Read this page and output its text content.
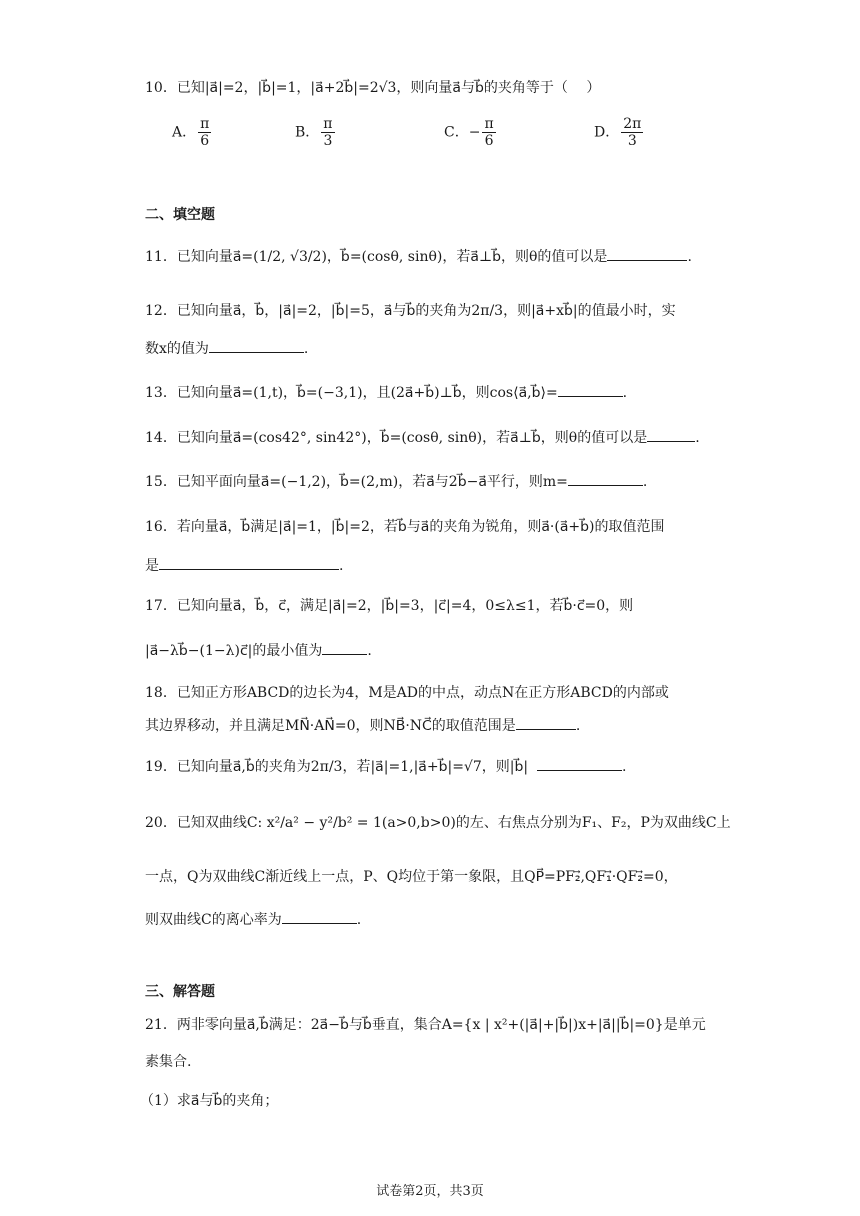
10．已知|a⃗|=2，|b⃗|=1，|a⃗+2b⃗|=2√3，则向量a⃗与b⃗的夹角等于（　 ）
A． $\frac{\pi}{6}$	B． $\frac{\pi}{3}$	C．− $\frac{\pi}{6}$	D． $\frac{2\pi}{3}$
二、填空题
11．已知向量a⃗=(1/2, √3/2)，b⃗=(cosθ, sinθ)，若a⃗⊥b⃗，则θ的值可以是	.
12．已知向量a⃗，b⃗，|a⃗|=2，|b⃗|=5，a⃗与b⃗的夹角为2π/3，则|a⃗+xb⃗|的值最小时，实
数x的值为	.
13．已知向量a⃗=(1,t)，b⃗=(−3,1)，且(2a⃗+b⃗)⊥b⃗，则cos⟨a⃗,b⃗⟩=	.
14．已知向量a⃗=(cos42°, sin42°)，b⃗=(cosθ, sinθ)，若a⃗⊥b⃗，则θ的值可以是	.
15．已知平面向量a⃗=(−1,2)，b⃗=(2,m)，若a⃗与2b⃗−a⃗平行，则m=	.
16．若向量a⃗，b⃗满足|a⃗|=1，|b⃗|=2，若b⃗与a⃗的夹角为锐角，则a⃗·(a⃗+b⃗)的取值范围
是	.
17．已知向量a⃗，b⃗，c⃗，满足|a⃗|=2，|b⃗|=3，|c⃗|=4，0≤λ≤1，若b⃗·c⃗=0，则
|a⃗−λb⃗−(1−λ)c⃗|的最小值为	.
18．已知正方形ABCD的边长为4，M是AD的中点，动点N在正方形ABCD的内部或
其边界移动，并且满足MN⃗·AN⃗=0，则NB⃗·NC⃗的取值范围是	.
19．已知向量a⃗,b⃗的夹角为2π/3，若|a⃗|=1,|a⃗+b⃗|=√7，则|b⃗|	.
20．已知双曲线C: x²/a² − y²/b² = 1(a>0,b>0)的左、右焦点分别为F₁、F₂，P为双曲线C上
一点，Q为双曲线C渐近线上一点，P、Q均位于第一象限，且QP⃗=PF₂⃗,QF₁⃗·QF₂⃗=0，
则双曲线C的离心率为	.
三、解答题
21．两非零向量a⃗,b⃗满足：2a⃗−b⃗与b⃗垂直，集合A={x | x²+(|a⃗|+|b⃗|)x+|a⃗||b⃗|=0}是单元
素集合.
（1）求a⃗与b⃗的夹角；
试卷第2页，共3页
